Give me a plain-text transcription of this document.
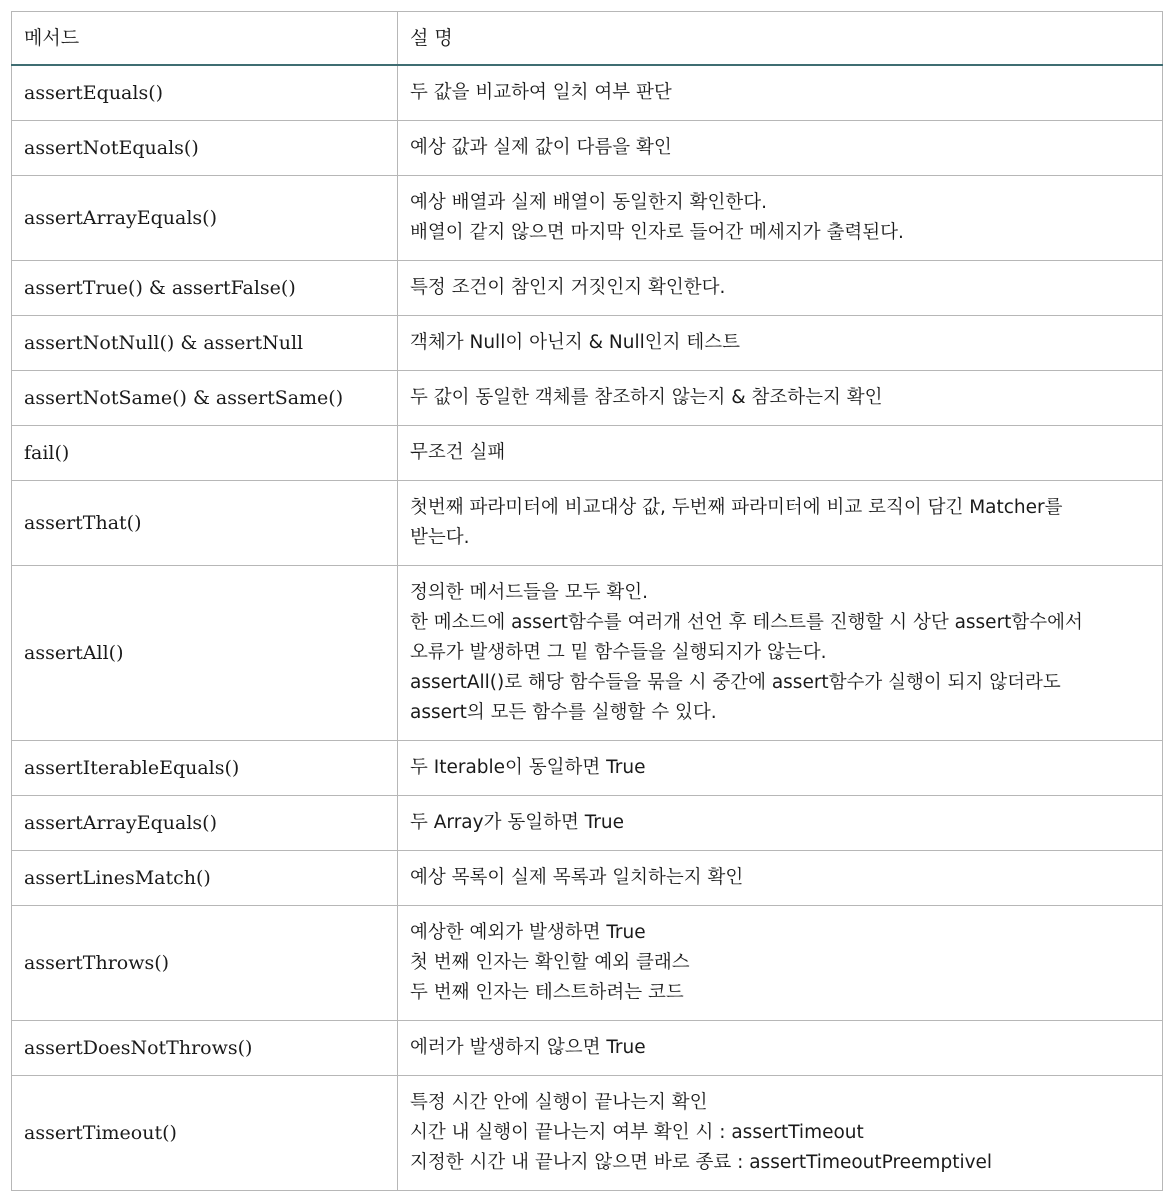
메서드	설 명
assertEquals()	두 값을 비교하여 일치 여부 판단

assertNotEquals()	예상 값과 실제 값이 다름을 확인

assertArrayEquals()	예상 배열과 실제 배열이 동일한지 확인한다.
배열이 같지 않으면 마지막 인자로 들어간 메세지가 출력된다.

assertTrue() & assertFalse()	특정 조건이 참인지 거짓인지 확인한다.

assertNotNull() & assertNull	객체가 Null이 아닌지 & Null인지 테스트

assertNotSame() & assertSame()	두 값이 동일한 객체를 참조하지 않는지 & 참조하는지 확인

fail()	무조건 실패

assertThat()	첫번째 파라미터에 비교대상 값, 두번째 파라미터에 비교 로직이 담긴 Matcher를
받는다.

assertAll()	정의한 메서드들을 모두 확인.
한 메소드에 assert함수를 여러개 선언 후 테스트를 진행할 시 상단 assert함수에서
오류가 발생하면 그 밑 함수들을 실행되지가 않는다.
assertAll()로 해당 함수들을 묶을 시 중간에 assert함수가 실행이 되지 않더라도
assert의 모든 함수를 실행할 수 있다.

assertIterableEquals()	두 Iterable이 동일하면 True

assertArrayEquals()	두 Array가 동일하면 True

assertLinesMatch()	예상 목록이 실제 목록과 일치하는지 확인

assertThrows()	예상한 예외가 발생하면 True
첫 번째 인자는 확인할 예외 클래스
두 번째 인자는 테스트하려는 코드

assertDoesNotThrows()	에러가 발생하지 않으면 True

assertTimeout()	특정 시간 안에 실행이 끝나는지 확인
시간 내 실행이 끝나는지 여부 확인 시 : assertTimeout
지정한 시간 내 끝나지 않으면 바로 종료 : assertTimeoutPreemptivel
